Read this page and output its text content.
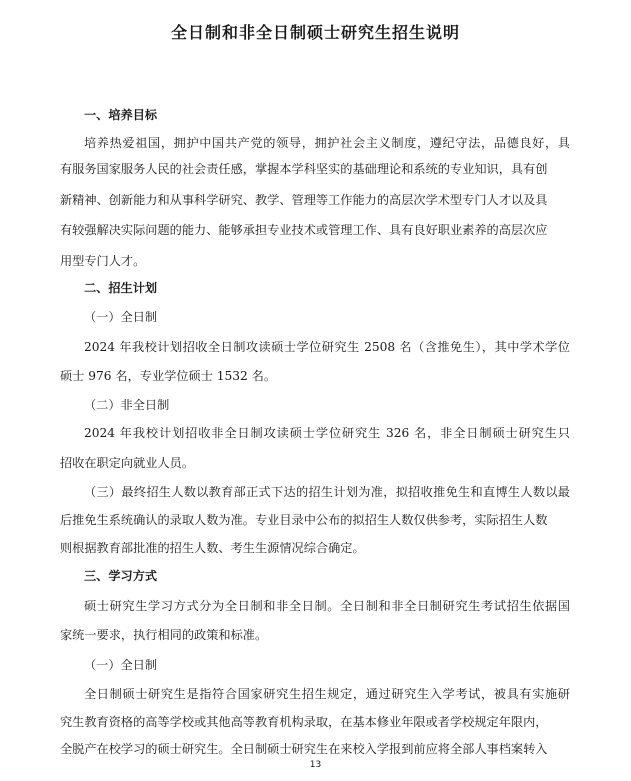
全日制和非全日制硕士研究生招生说明

一、培养目标

培养热爱祖国，拥护中国共产党的领导，拥护社会主义制度，遵纪守法，品德良好，具

有服务国家服务人民的社会责任感，掌握本学科坚实的基础理论和系统的专业知识，具有创

新精神、创新能力和从事科学研究、教学、管理等工作能力的高层次学术型专门人才以及具

有较强解决实际问题的能力、能够承担专业技术或管理工作、具有良好职业素养的高层次应

用型专门人才。

二、招生计划

（一）全日制

2024 年我校计划招收全日制攻读硕士学位研究生 2508 名（含推免生），其中学术学位

硕士 976 名，专业学位硕士 1532 名。

（二）非全日制

2024 年我校计划招收非全日制攻读硕士学位研究生 326 名，非全日制硕士研究生只

招收在职定向就业人员。

（三）最终招生人数以教育部正式下达的招生计划为准，拟招收推免生和直博生人数以最

后推免生系统确认的录取人数为准。专业目录中公布的拟招生人数仅供参考，实际招生人数

则根据教育部批准的招生人数、考生生源情况综合确定。

三、学习方式

硕士研究生学习方式分为全日制和非全日制。全日制和非全日制研究生考试招生依据国

家统一要求，执行相同的政策和标准。

（一）全日制

全日制硕士研究生是指符合国家研究生招生规定，通过研究生入学考试，被具有实施研

究生教育资格的高等学校或其他高等教育机构录取，在基本修业年限或者学校规定年限内，

全脱产在校学习的硕士研究生。全日制硕士研究生在来校入学报到前应将全部人事档案转入

13
